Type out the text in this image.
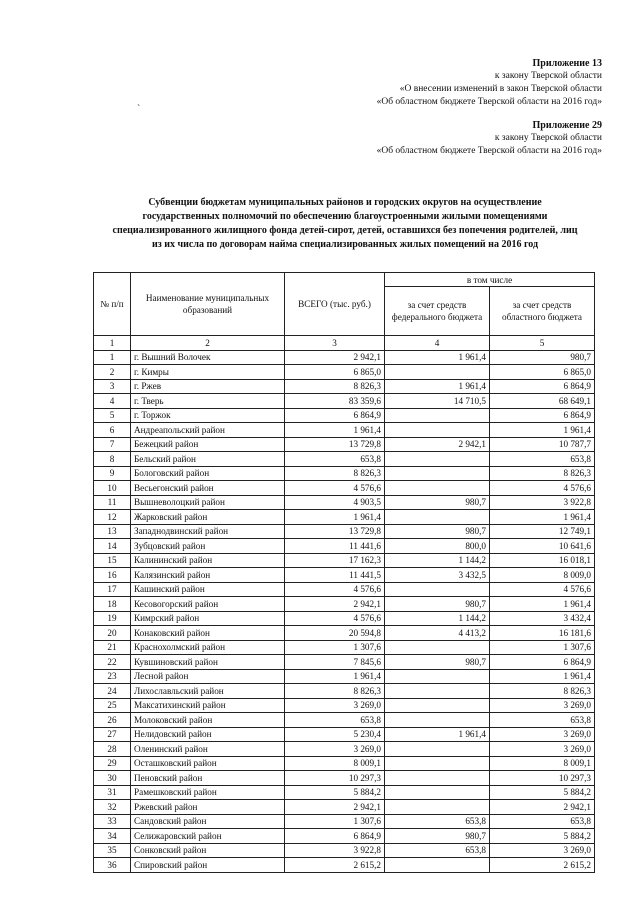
Приложение 13
к закону Тверской области
«О внесении изменений в закон Тверской области
«Об областном бюджете Тверской области на 2016 год»
`
Приложение 29
к закону Тверской области
«Об областном бюджете Тверской области на 2016 год»
Субвенции бюджетам муниципальных районов и городских округов на осуществление
государственных полномочий по обеспечению благоустроенными жилыми помещениями
специализированного жилищного фонда детей-сирот, детей, оставшихся без попечения родителей, лиц
из их числа по договорам найма специализированных жилых помещений на 2016 год
№ п/п	Наименование муниципальных образований	ВСЕГО (тыс. руб.)	в том числе	
			за счет средств федерального бюджета	за счет средств областного бюджета
1	2	3	4	5
1	г. Вышний Волочек	2 942,1	1 961,4	980,7
2	г. Кимры	6 865,0		6 865,0
3	г. Ржев	8 826,3	1 961,4	6 864,9
4	г. Тверь	83 359,6	14 710,5	68 649,1
5	г. Торжок	6 864,9		6 864,9
6	Андреапольский район	1 961,4		1 961,4
7	Бежецкий район	13 729,8	2 942,1	10 787,7
8	Бельский район	653,8		653,8
9	Бологовский район	8 826,3		8 826,3
10	Весьегонский район	4 576,6		4 576,6
11	Вышневолоцкий район	4 903,5	980,7	3 922,8
12	Жарковский район	1 961,4		1 961,4
13	Западнодвинский район	13 729,8	980,7	12 749,1
14	Зубцовский район	11 441,6	800,0	10 641,6
15	Калининский район	17 162,3	1 144,2	16 018,1
16	Калязинский район	11 441,5	3 432,5	8 009,0
17	Кашинский район	4 576,6		4 576,6
18	Кесовогорский район	2 942,1	980,7	1 961,4
19	Кимрский район	4 576,6	1 144,2	3 432,4
20	Конаковский район	20 594,8	4 413,2	16 181,6
21	Краснохолмский район	1 307,6		1 307,6
22	Кувшиновский район	7 845,6	980,7	6 864,9
23	Лесной район	1 961,4		1 961,4
24	Лихославльский район	8 826,3		8 826,3
25	Максатихинский район	3 269,0		3 269,0
26	Молоковский район	653,8		653,8
27	Нелидовский район	5 230,4	1 961,4	3 269,0
28	Оленинский район	3 269,0		3 269,0
29	Осташковский район	8 009,1		8 009,1
30	Пеновский район	10 297,3		10 297,3
31	Рамешковский район	5 884,2		5 884,2
32	Ржевский район	2 942,1		2 942,1
33	Сандовский район	1 307,6	653,8	653,8
34	Селижаровский район	6 864,9	980,7	5 884,2
35	Сонковский район	3 922,8	653,8	3 269,0
36	Спировский район	2 615,2		2 615,2
